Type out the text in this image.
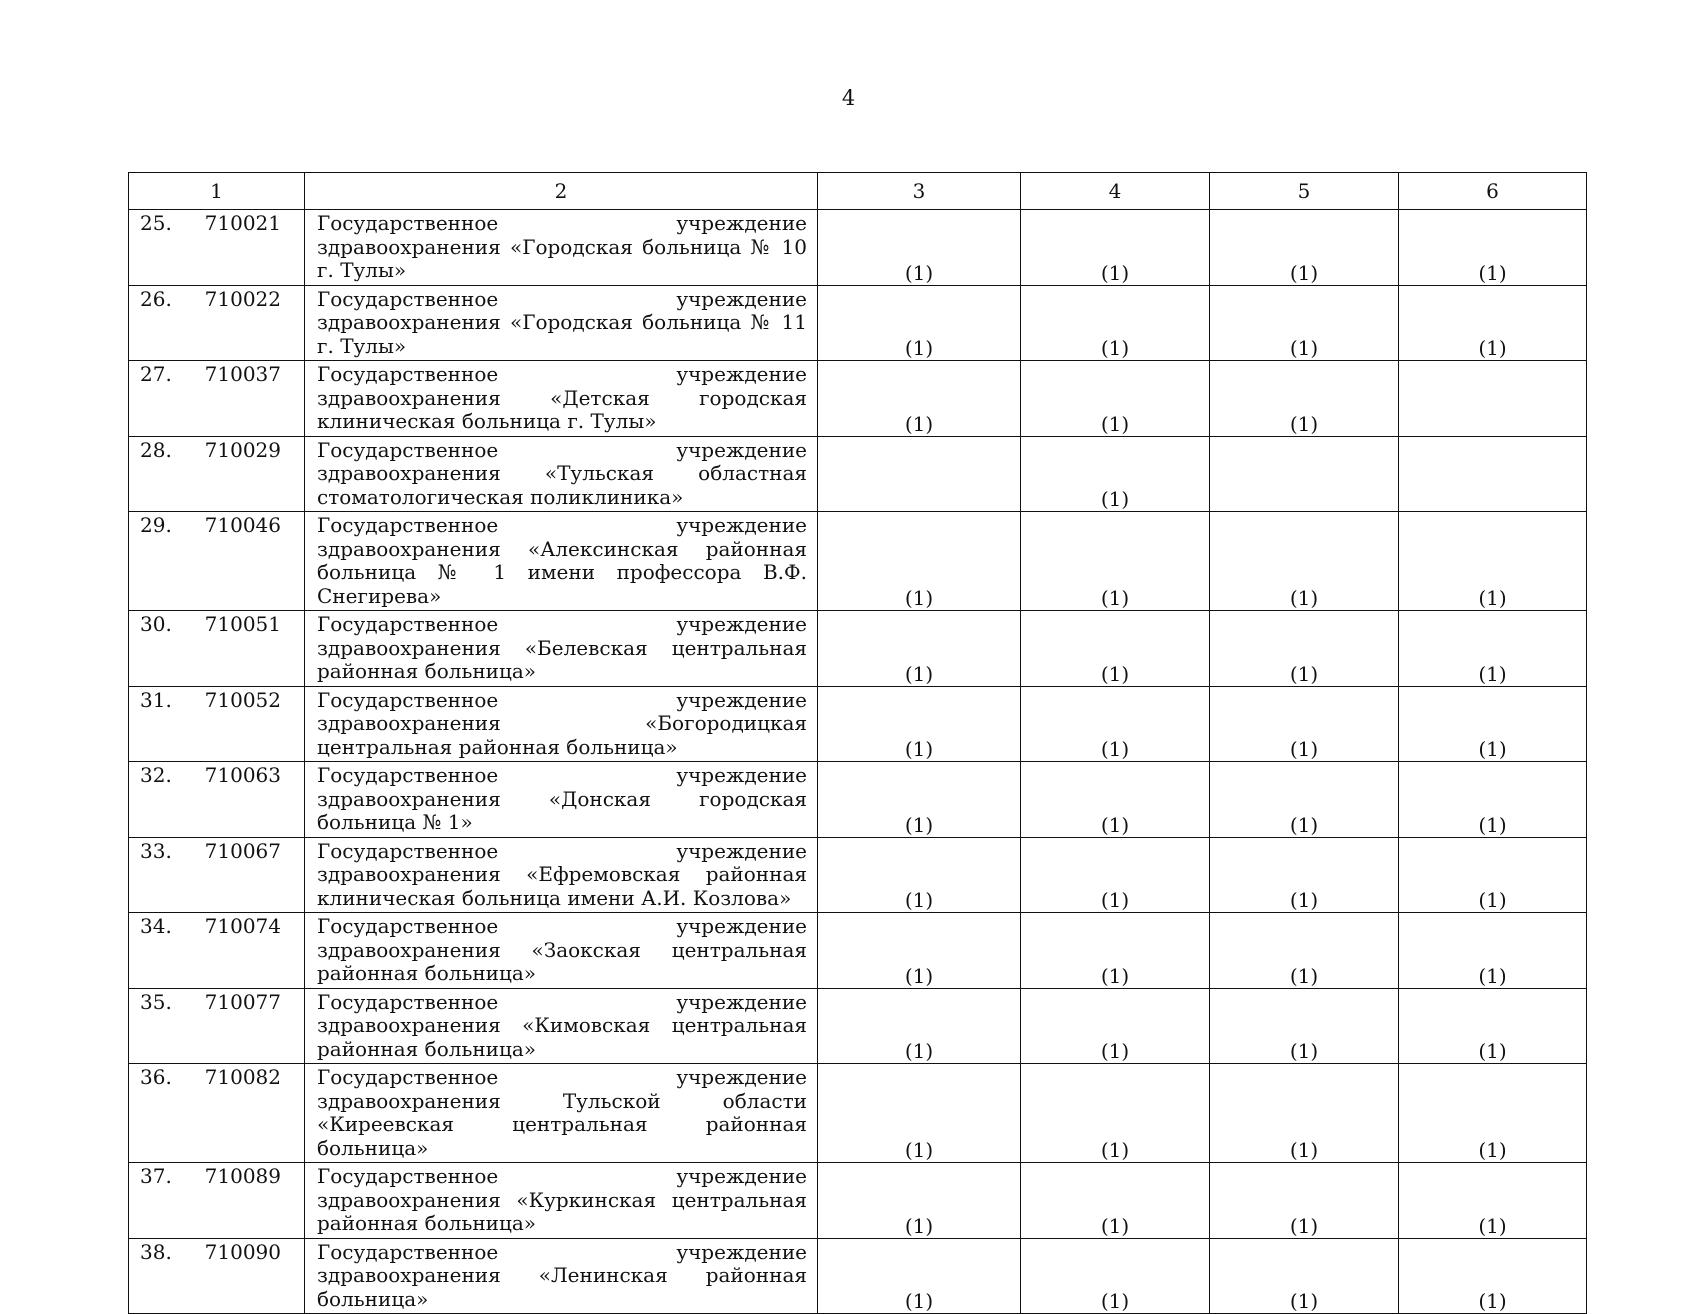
4
1	2	3	4	5	6

25. 710021	Государственное учреждение здравоохранения «Городская больница № 10 г. Тулы»	(1)	(1)	(1)	(1)

26. 710022	Государственное учреждение здравоохранения «Городская больница № 11 г. Тулы»	(1)	(1)	(1)	(1)

27. 710037	Государственное учреждение здравоохранения «Детская городская клиническая больница г. Тулы»	(1)	(1)	(1)	

28. 710029	Государственное учреждение здравоохранения «Тульская областная стоматологическая поликлиника»		(1)		

29. 710046	Государственное учреждение здравоохранения «Алексинская районная больница № 1 имени профессора В.Ф. Снегирева»	(1)	(1)	(1)	(1)

30. 710051	Государственное учреждение здравоохранения «Белевская центральная районная больница»	(1)	(1)	(1)	(1)

31. 710052	Государственное учреждение здравоохранения «Богородицкая центральная районная больница»	(1)	(1)	(1)	(1)

32. 710063	Государственное учреждение здравоохранения «Донская городская больница № 1»	(1)	(1)	(1)	(1)

33. 710067	Государственное учреждение здравоохранения «Ефремовская районная клиническая больница имени А.И. Козлова»	(1)	(1)	(1)	(1)

34. 710074	Государственное учреждение здравоохранения «Заокская центральная районная больница»	(1)	(1)	(1)	(1)

35. 710077	Государственное учреждение здравоохранения «Кимовская центральная районная больница»	(1)	(1)	(1)	(1)

36. 710082	Государственное учреждение здравоохранения Тульской области «Киреевская центральная районная больница»	(1)	(1)	(1)	(1)

37. 710089	Государственное учреждение здравоохранения «Куркинская центральная районная больница»	(1)	(1)	(1)	(1)

38. 710090	Государственное учреждение здравоохранения «Ленинская районная больница»	(1)	(1)	(1)	(1)
